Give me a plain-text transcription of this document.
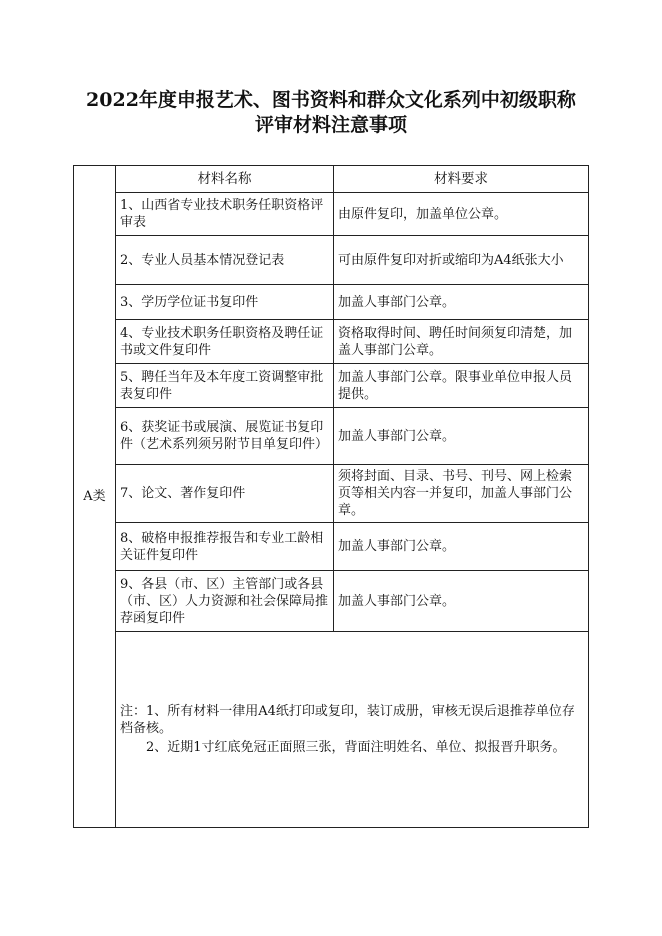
2022年度申报艺术、图书资料和群众文化系列中初级职称
评审材料注意事项
A类	材料名称	材料要求
	1、山西省专业技术职务任职资格评审表	由原件复印，加盖单位公章。
	2、专业人员基本情况登记表	可由原件复印对折或缩印为A4纸张大小
	3、学历学位证书复印件	加盖人事部门公章。
	4、专业技术职务任职资格及聘任证书或文件复印件	资格取得时间、聘任时间须复印清楚，加盖人事部门公章。
	5、聘任当年及本年度工资调整审批表复印件	加盖人事部门公章。限事业单位申报人员提供。
	6、获奖证书或展演、展览证书复印件（艺术系列须另附节目单复印件）	加盖人事部门公章。
	7、论文、著作复印件	须将封面、目录、书号、刊号、网上检索页等相关内容一并复印，加盖人事部门公章。
	8、破格申报推荐报告和专业工龄相关证件复印件	加盖人事部门公章。
	9、各县（市、区）主管部门或各县（市、区）人力资源和社会保障局推荐函复印件	加盖人事部门公章。

	注：1、所有材料一律用A4纸打印或复印，装订成册，审核无误后退推荐单位存档备核。

2、近期1寸红底免冠正面照三张，背面注明姓名、单位、拟报晋升职务。	
